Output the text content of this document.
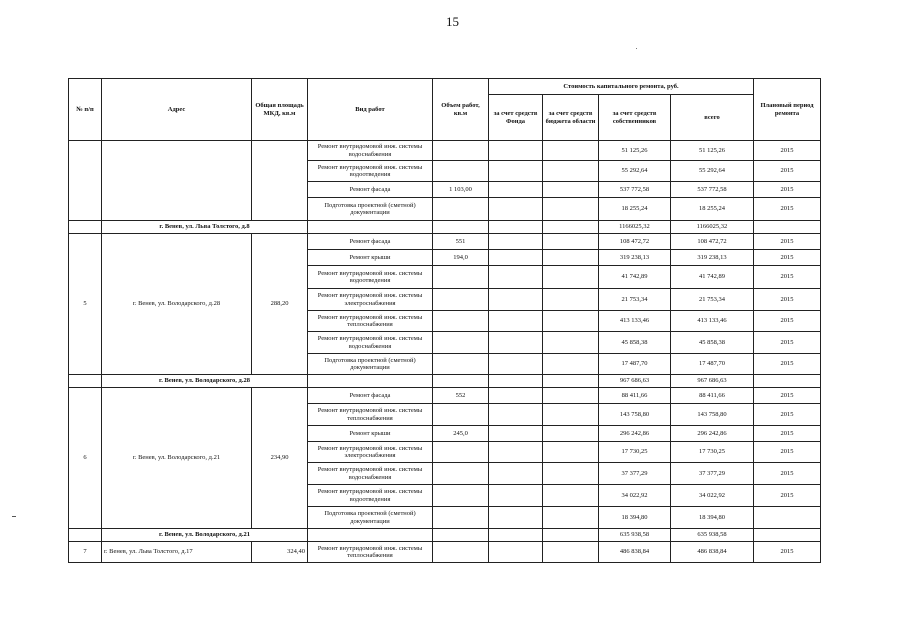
15
№ п/п	Адрес	Общая площадь МКД, кв.м	Вид работ	Объем работ, кв.м	Стоимость капитального ремонта, руб.				Плановый период ремонта
					за счет средств Фонда	за счет средств бюджета области	за счет средств собственников	всего	
			Ремонт внутридомовой инж. системы водоснабжения				51 125,26	51 125,26	2015
			Ремонт внутридомовой инж. системы водоотведения				55 292,64	55 292,64	2015
			Ремонт фасада	1 103,00			537 772,58	537 772,58	2015
			Подготовка проектной (сметной) документации				18 255,24	18 255,24	2015
	г. Венев, ул. Льва Толстого, д.8						1166025,32	1166025,32	
5	г. Венев, ул. Володарского, д.28	288,20	Ремонт фасада	551			108 472,72	108 472,72	2015
			Ремонт крыши	194,0			319 238,13	319 238,13	2015
			Ремонт внутридомовой инж. системы водоотведения				41 742,89	41 742,89	2015
			Ремонт внутридомовой инж. системы электроснабжения				21 753,34	21 753,34	2015
			Ремонт внутридомовой инж. системы теплоснабжения				413 133,46	413 133,46	2015
			Ремонт внутридомовой инж. системы водоснабжения				45 858,38	45 858,38	2015
			Подготовка проектной (сметной) документации				17 487,70	17 487,70	2015
	г. Венев, ул. Володарского, д.28						967 686,63	967 686,63	
6	г. Венев, ул. Володарского, д.21	234,90	Ремонт фасада	552			88 411,66	88 411,66	2015
			Ремонт внутридомовой инж. системы теплоснабжения				143 758,80	143 758,80	2015
			Ремонт крыши	245,0			296 242,86	296 242,86	2015
			Ремонт внутридомовой инж. системы электроснабжения				17 730,25	17 730,25	2015
			Ремонт внутридомовой инж. системы водоснабжения				37 377,29	37 377,29	2015
			Ремонт внутридомовой инж. системы водоотведения				34 022,92	34 022,92	2015
			Подготовка проектной (сметной) документации				18 394,80	18 394,80	
	г. Венев, ул. Володарского, д.21						635 938,58	635 938,58	
7	г. Венев, ул. Льва Толстого, д.17	324,40	Ремонт внутридомовой инж. системы теплоснабжения				486 838,84	486 838,84	2015
